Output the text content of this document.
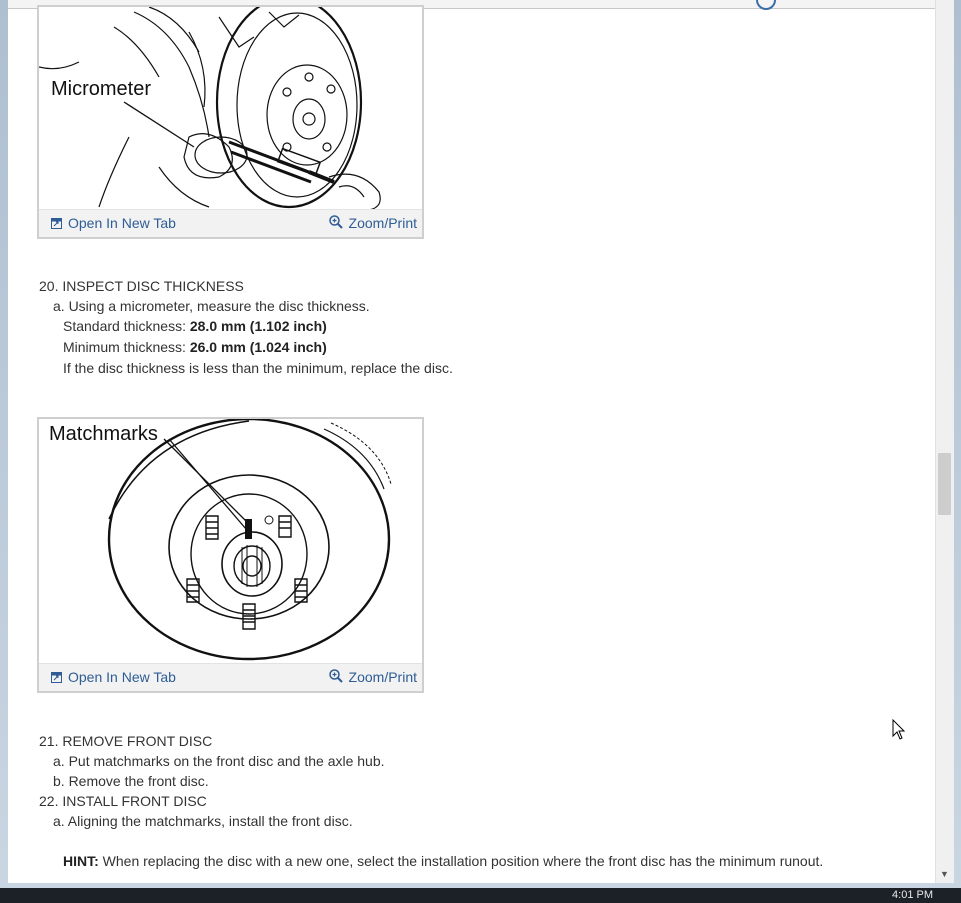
Micrometer
Open In New Tab	Zoom/Print
20. INSPECT DISC THICKNESS
a. Using a micrometer, measure the disc thickness.
Standard thickness: 28.0 mm (1.102 inch)
Minimum thickness: 26.0 mm (1.024 inch)
If the disc thickness is less than the minimum, replace the disc.
Matchmarks
Open In New Tab	Zoom/Print
21. REMOVE FRONT DISC
a. Put matchmarks on the front disc and the axle hub.
b. Remove the front disc.
22. INSTALL FRONT DISC
a. Aligning the matchmarks, install the front disc.
HINT: When replacing the disc with a new one, select the installation position where the front disc has the minimum runout.
▼
4:01 PM
